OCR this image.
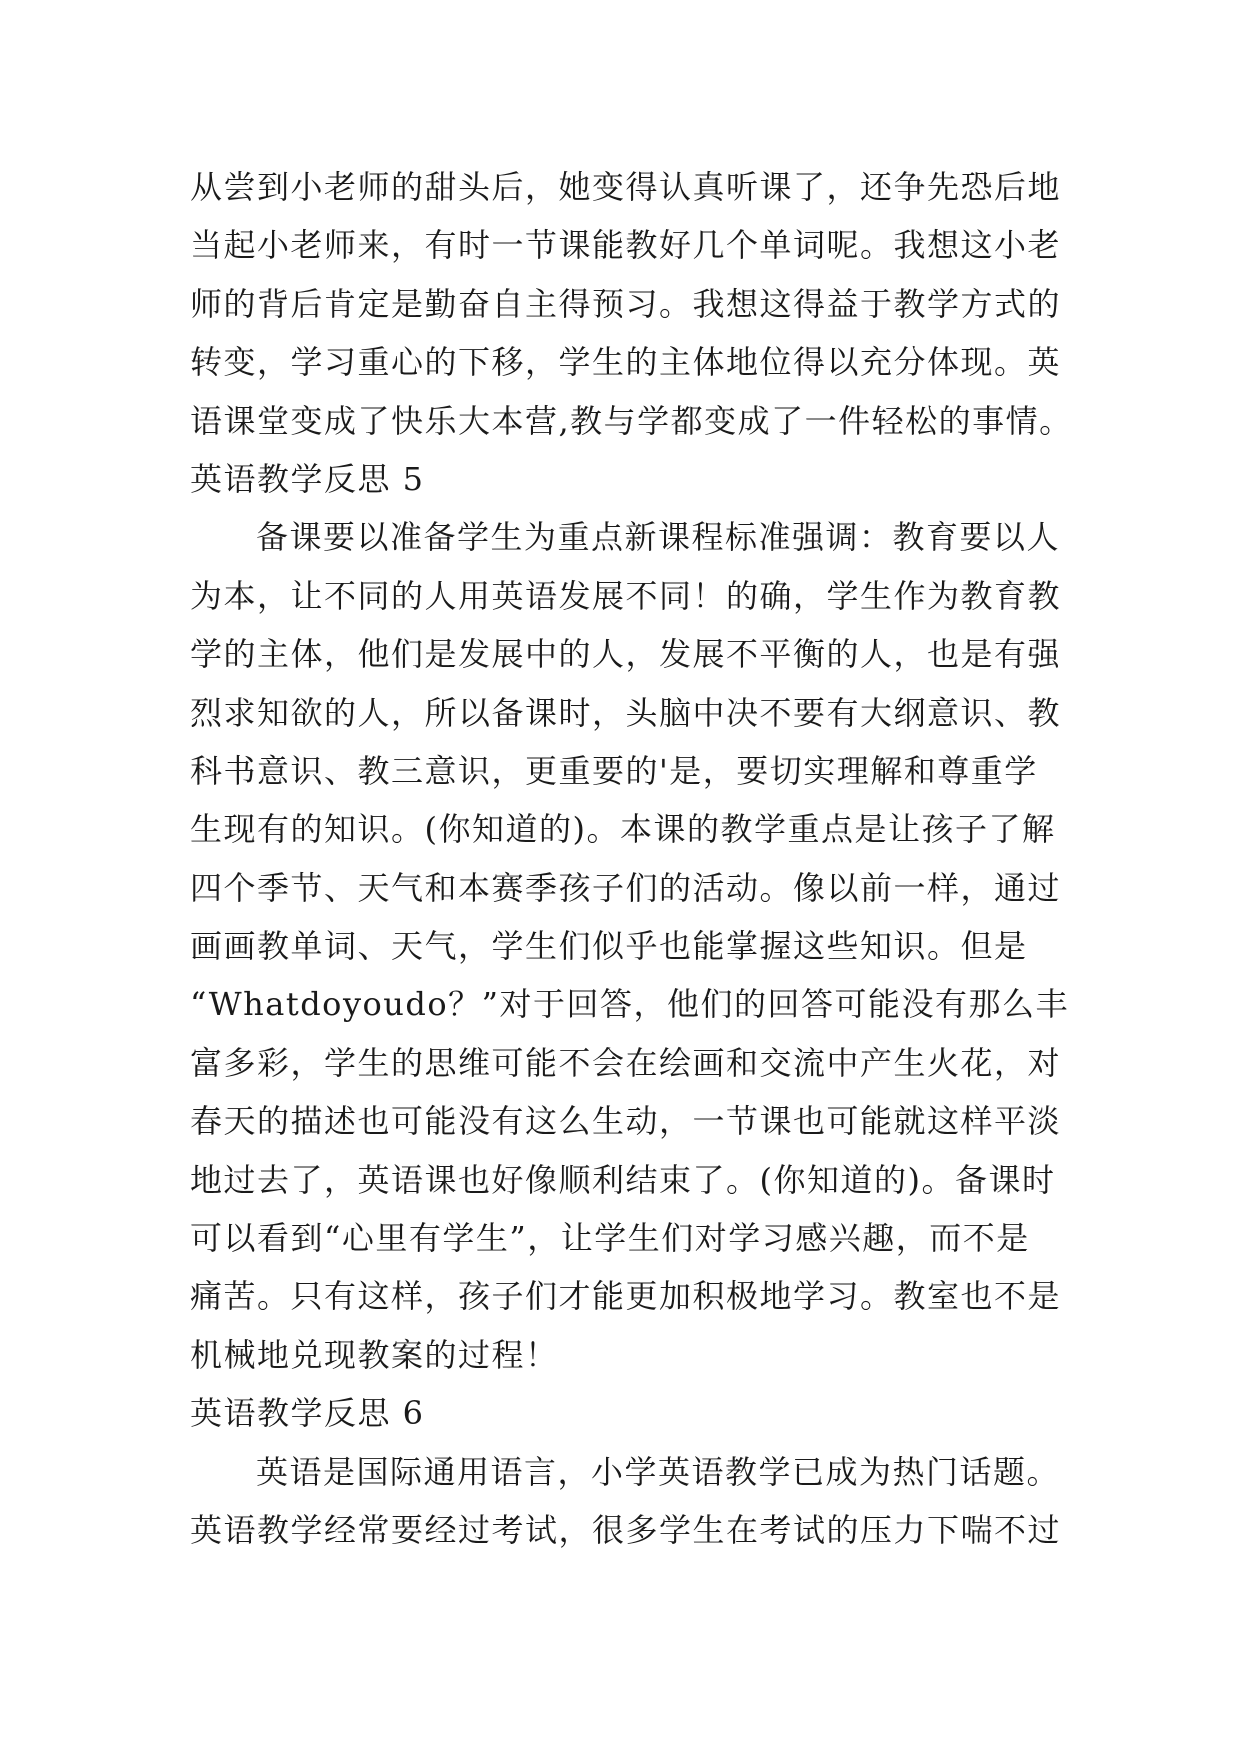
从尝到小老师的甜头后，她变得认真听课了，还争先恐后地
当起小老师来，有时一节课能教好几个单词呢。我想这小老
师的背后肯定是勤奋自主得预习。我想这得益于教学方式的
转变，学习重心的下移，学生的主体地位得以充分体现。英
语课堂变成了快乐大本营,教与学都变成了一件轻松的事情。
英语教学反思 5
备课要以准备学生为重点新课程标准强调：教育要以人
为本，让不同的人用英语发展不同！的确，学生作为教育教
学的主体，他们是发展中的人，发展不平衡的人，也是有强
烈求知欲的人，所以备课时，头脑中决不要有大纲意识、教
科书意识、教三意识，更重要的'是，要切实理解和尊重学
生现有的知识。(你知道的)。本课的教学重点是让孩子了解
四个季节、天气和本赛季孩子们的活动。像以前一样，通过
画画教单词、天气，学生们似乎也能掌握这些知识。但是
“Whatdoyoudo？”对于回答，他们的回答可能没有那么丰
富多彩，学生的思维可能不会在绘画和交流中产生火花，对
春天的描述也可能没有这么生动，一节课也可能就这样平淡
地过去了，英语课也好像顺利结束了。(你知道的)。备课时
可以看到“心里有学生”，让学生们对学习感兴趣，而不是
痛苦。只有这样，孩子们才能更加积极地学习。教室也不是
机械地兑现教案的过程！
英语教学反思 6
英语是国际通用语言，小学英语教学已成为热门话题。
英语教学经常要经过考试，很多学生在考试的压力下喘不过
